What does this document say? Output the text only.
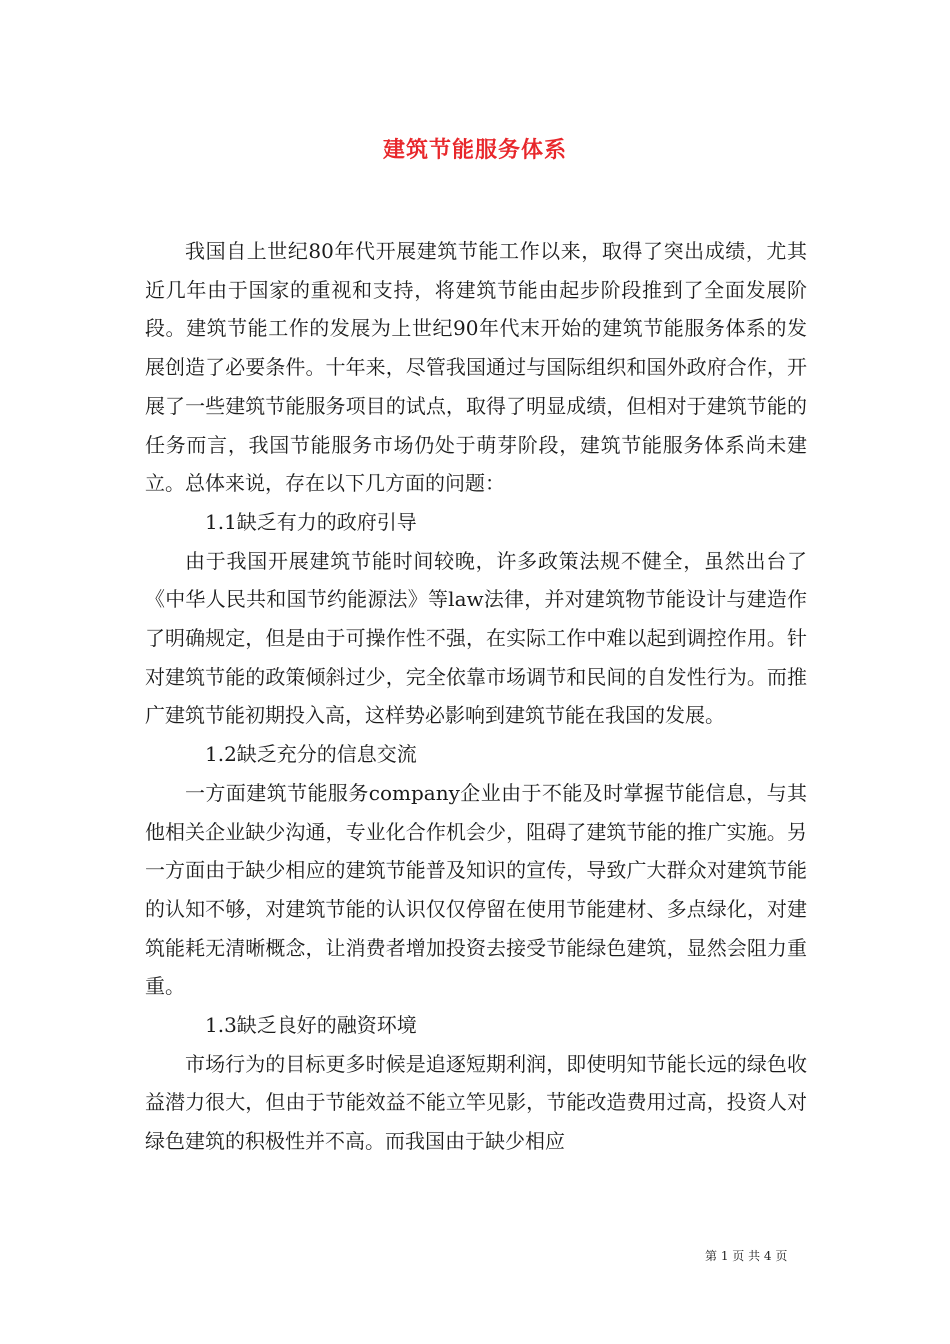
建筑节能服务体系

我国自上世纪80年代开展建筑节能工作以来，取得了突出成绩，尤其近几年由于国家的重视和支持，将建筑节能由起步阶段推到了全面发展阶段。建筑节能工作的发展为上世纪90年代末开始的建筑节能服务体系的发展创造了必要条件。十年来，尽管我国通过与国际组织和国外政府合作，开展了一些建筑节能服务项目的试点，取得了明显成绩，但相对于建筑节能的任务而言，我国节能服务市场仍处于萌芽阶段，建筑节能服务体系尚未建立。总体来说，存在以下几方面的问题：

1.1缺乏有力的政府引导

由于我国开展建筑节能时间较晚，许多政策法规不健全，虽然出台了《中华人民共和国节约能源法》等law法律，并对建筑物节能设计与建造作了明确规定，但是由于可操作性不强，在实际工作中难以起到调控作用。针对建筑节能的政策倾斜过少，完全依靠市场调节和民间的自发性行为。而推广建筑节能初期投入高，这样势必影响到建筑节能在我国的发展。

1.2缺乏充分的信息交流

一方面建筑节能服务company企业由于不能及时掌握节能信息，与其他相关企业缺少沟通，专业化合作机会少，阻碍了建筑节能的推广实施。另一方面由于缺少相应的建筑节能普及知识的宣传，导致广大群众对建筑节能的认知不够，对建筑节能的认识仅仅停留在使用节能建材、多点绿化，对建筑能耗无清晰概念，让消费者增加投资去接受节能绿色建筑，显然会阻力重重。

1.3缺乏良好的融资环境

市场行为的目标更多时候是追逐短期利润，即使明知节能长远的绿色收益潜力很大，但由于节能效益不能立竿见影，节能改造费用过高，投资人对绿色建筑的积极性并不高。而我国由于缺少相应

第 1 页 共 4 页
